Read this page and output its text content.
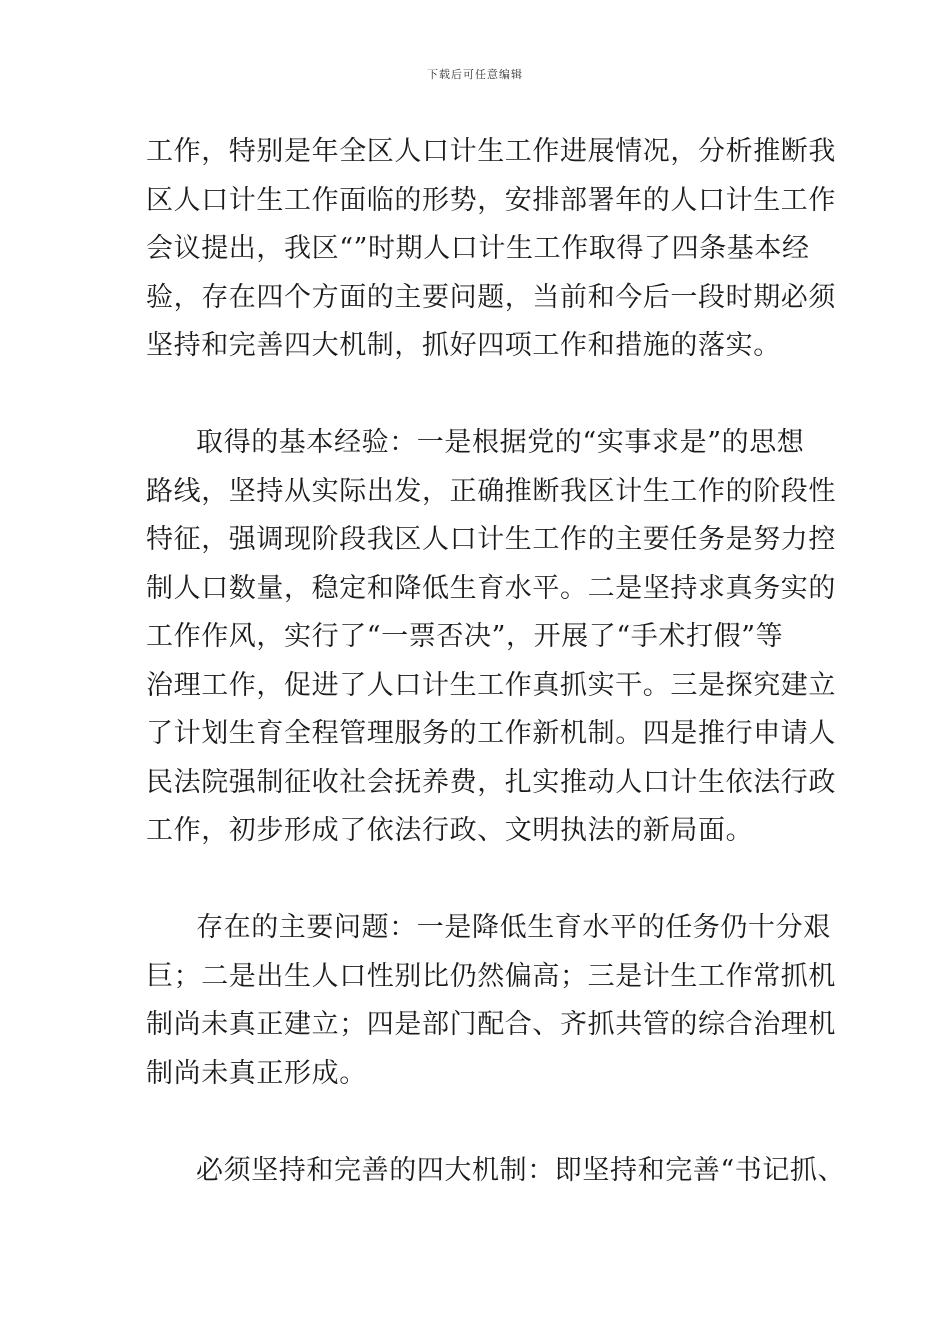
下载后可任意编辑
工作，特别是年全区人口计生工作进展情况，分析推断我
区人口计生工作面临的形势，安排部署年的人口计生工作
会议提出，我区“”时期人口计生工作取得了四条基本经
验，存在四个方面的主要问题，当前和今后一段时期必须
坚持和完善四大机制，抓好四项工作和措施的落实。
取得的基本经验：一是根据党的“实事求是”的思想
路线，坚持从实际出发，正确推断我区计生工作的阶段性
特征，强调现阶段我区人口计生工作的主要任务是努力控
制人口数量，稳定和降低生育水平。二是坚持求真务实的
工作作风，实行了“一票否决”，开展了“手术打假”等
治理工作，促进了人口计生工作真抓实干。三是探究建立
了计划生育全程管理服务的工作新机制。四是推行申请人
民法院强制征收社会抚养费，扎实推动人口计生依法行政
工作，初步形成了依法行政、文明执法的新局面。
存在的主要问题：一是降低生育水平的任务仍十分艰
巨；二是出生人口性别比仍然偏高；三是计生工作常抓机
制尚未真正建立；四是部门配合、齐抓共管的综合治理机
制尚未真正形成。
必须坚持和完善的四大机制：即坚持和完善“书记抓、
